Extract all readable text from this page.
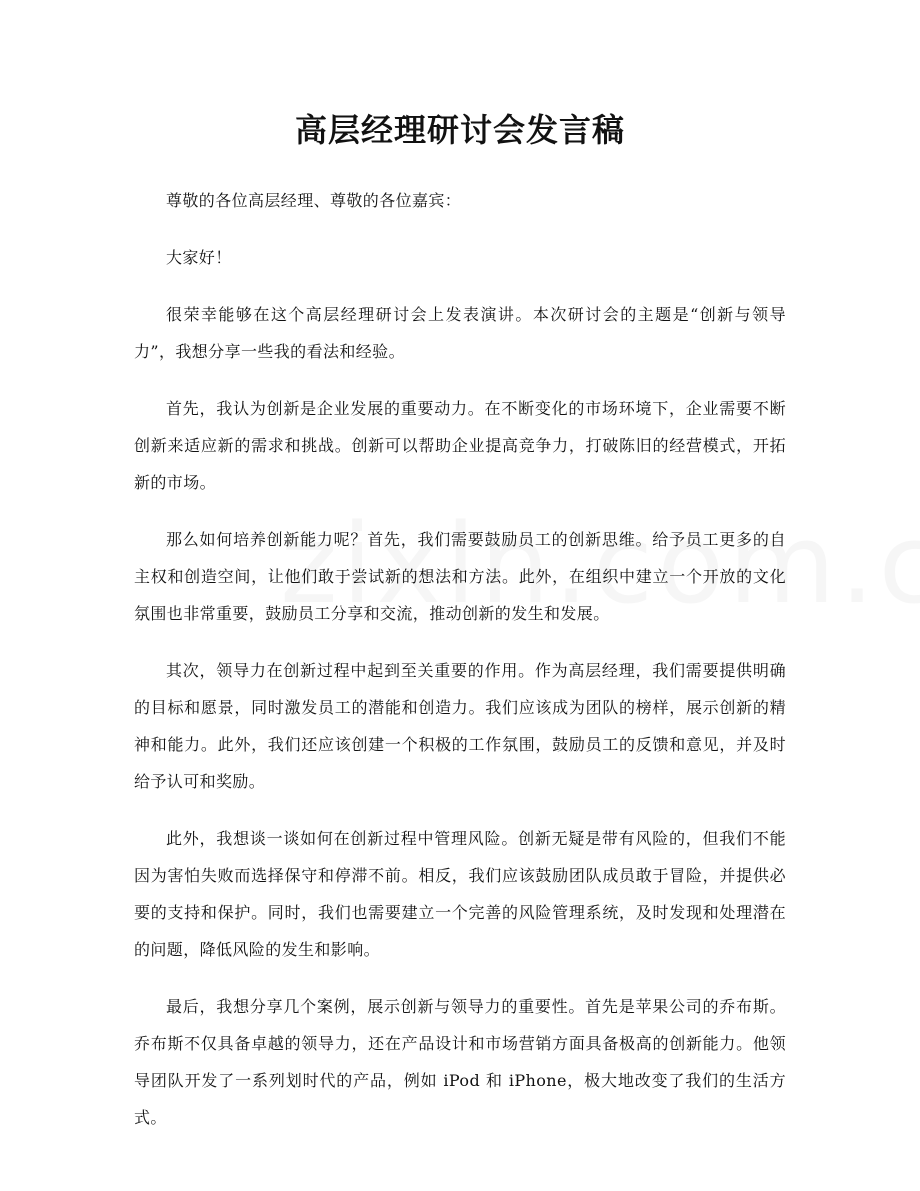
高层经理研讨会发言稿

尊敬的各位高层经理、尊敬的各位嘉宾：

大家好！

很荣幸能够在这个高层经理研讨会上发表演讲。本次研讨会的主题是“创新与领导力”，我想分享一些我的看法和经验。

首先，我认为创新是企业发展的重要动力。在不断变化的市场环境下，企业需要不断创新来适应新的需求和挑战。创新可以帮助企业提高竞争力，打破陈旧的经营模式，开拓新的市场。

那么如何培养创新能力呢？首先，我们需要鼓励员工的创新思维。给予员工更多的自主权和创造空间，让他们敢于尝试新的想法和方法。此外，在组织中建立一个开放的文化氛围也非常重要，鼓励员工分享和交流，推动创新的发生和发展。

其次，领导力在创新过程中起到至关重要的作用。作为高层经理，我们需要提供明确的目标和愿景，同时激发员工的潜能和创造力。我们应该成为团队的榜样，展示创新的精神和能力。此外，我们还应该创建一个积极的工作氛围，鼓励员工的反馈和意见，并及时给予认可和奖励。

此外，我想谈一谈如何在创新过程中管理风险。创新无疑是带有风险的，但我们不能因为害怕失败而选择保守和停滞不前。相反，我们应该鼓励团队成员敢于冒险，并提供必要的支持和保护。同时，我们也需要建立一个完善的风险管理系统，及时发现和处理潜在的问题，降低风险的发生和影响。

最后，我想分享几个案例，展示创新与领导力的重要性。首先是苹果公司的乔布斯。乔布斯不仅具备卓越的领导力，还在产品设计和市场营销方面具备极高的创新能力。他领导团队开发了一系列划时代的产品，例如 iPod 和 iPhone，极大地改变了我们的生活方式。
